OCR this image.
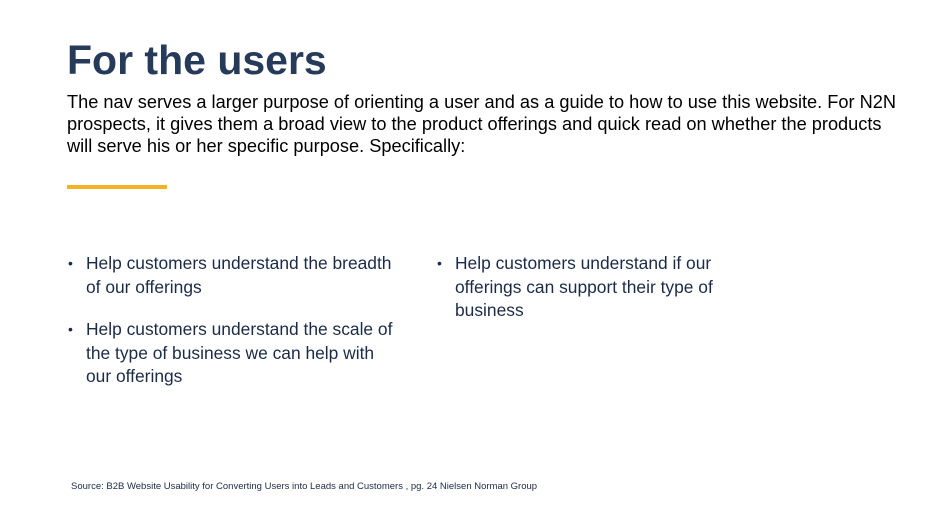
For the users

The nav serves a larger purpose of orienting a user and as a guide to how to use this website. For N2N prospects, it gives them a broad view to the product offerings and quick read on whether the products will serve his or her specific purpose. Specifically:

• Help customers understand the breadth of our offerings
• Help customers understand the scale of the type of business we can help with our offerings
• Help customers understand if our offerings can support their type of business

Source: B2B Website Usability for Converting Users into Leads and Customers , pg. 24 Nielsen Norman Group
